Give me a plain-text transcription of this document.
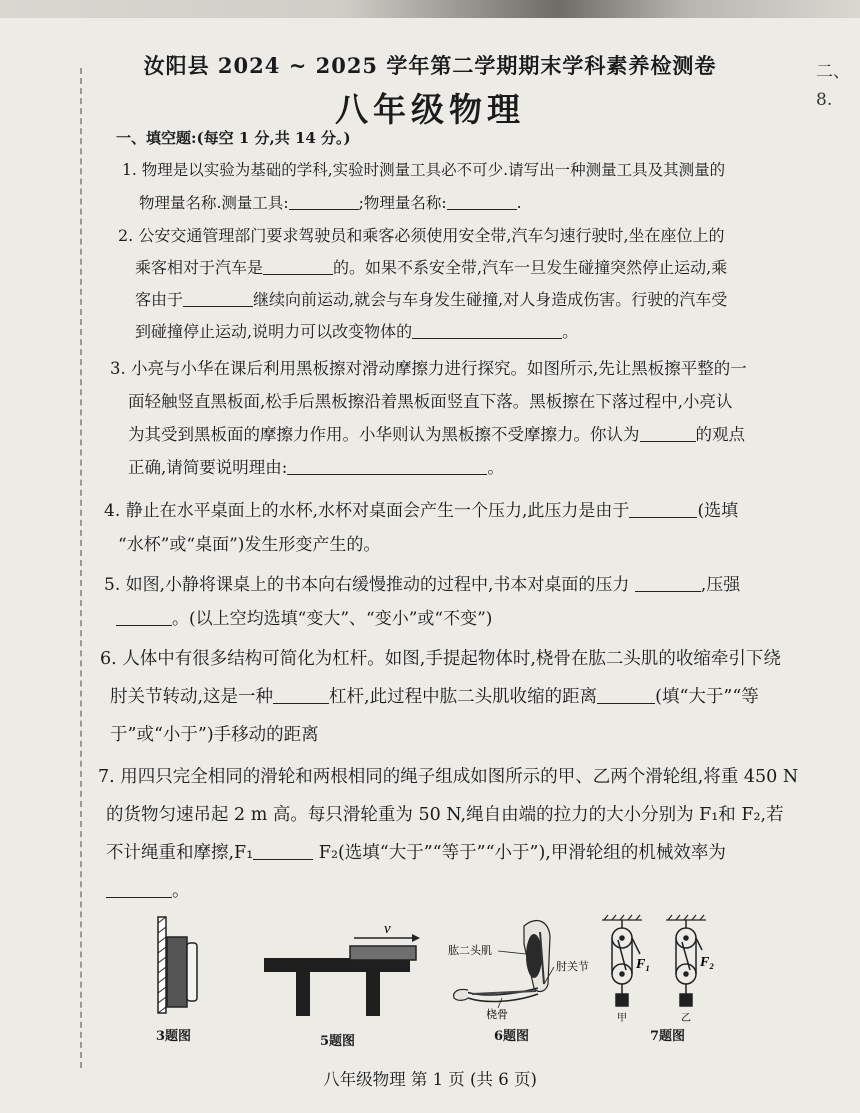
二、
8.
汝阳县 2024 ~ 2025 学年第二学期期末学科素养检测卷
八年级物理
一、填空题:(每空 1 分,共 14 分。)

1. 物理是以实验为基础的学科,实验时测量工具必不可少.请写出一种测量工具及其测量的

物理量名称.测量工具:	;物理量名称:	.

2. 公安交通管理部门要求驾驶员和乘客必须使用安全带,汽车匀速行驶时,坐在座位上的

乘客相对于汽车是	的。如果不系安全带,汽车一旦发生碰撞突然停止运动,乘

客由于	继续向前运动,就会与车身发生碰撞,对人身造成伤害。行驶的汽车受

到碰撞停止运动,说明力可以改变物体的	。

3. 小亮与小华在课后利用黑板擦对滑动摩擦力进行探究。如图所示,先让黑板擦平整的一

面轻触竖直黑板面,松手后黑板擦沿着黑板面竖直下落。黑板擦在下落过程中,小亮认

为其受到黑板面的摩擦力作用。小华则认为黑板擦不受摩擦力。你认为	的观点

正确,请简要说明理由:	。

4. 静止在水平桌面上的水杯,水杯对桌面会产生一个压力,此压力是由于	(选填

“水杯”或“桌面”)发生形变产生的。

5. 如图,小静将课桌上的书本向右缓慢推动的过程中,书本对桌面的压力	,压强

。(以上空均选填“变大”、“变小”或“不变”)

6. 人体中有很多结构可简化为杠杆。如图,手提起物体时,桡骨在肱二头肌的收缩牵引下绕

肘关节转动,这是一种	杠杆,此过程中肱二头肌收缩的距离	(填“大于”“等

于”或“小于”)手移动的距离

7. 用四只完全相同的滑轮和两根相同的绳子组成如图所示的甲、乙两个滑轮组,将重 450 N

的货物匀速吊起 2 m 高。每只滑轮重为 50 N,绳自由端的拉力的大小分别为 F₁和 F₂,若

不计绳重和摩擦,F₁	F₂(选填“大于”“等于”“小于”),甲滑轮组的机械效率为

。

3题图
v
5题图
肱二头肌
肘关节
桡骨
6题图
F₁	F₂
甲	乙
7题图
八年级物理 第 1 页 (共 6 页)
